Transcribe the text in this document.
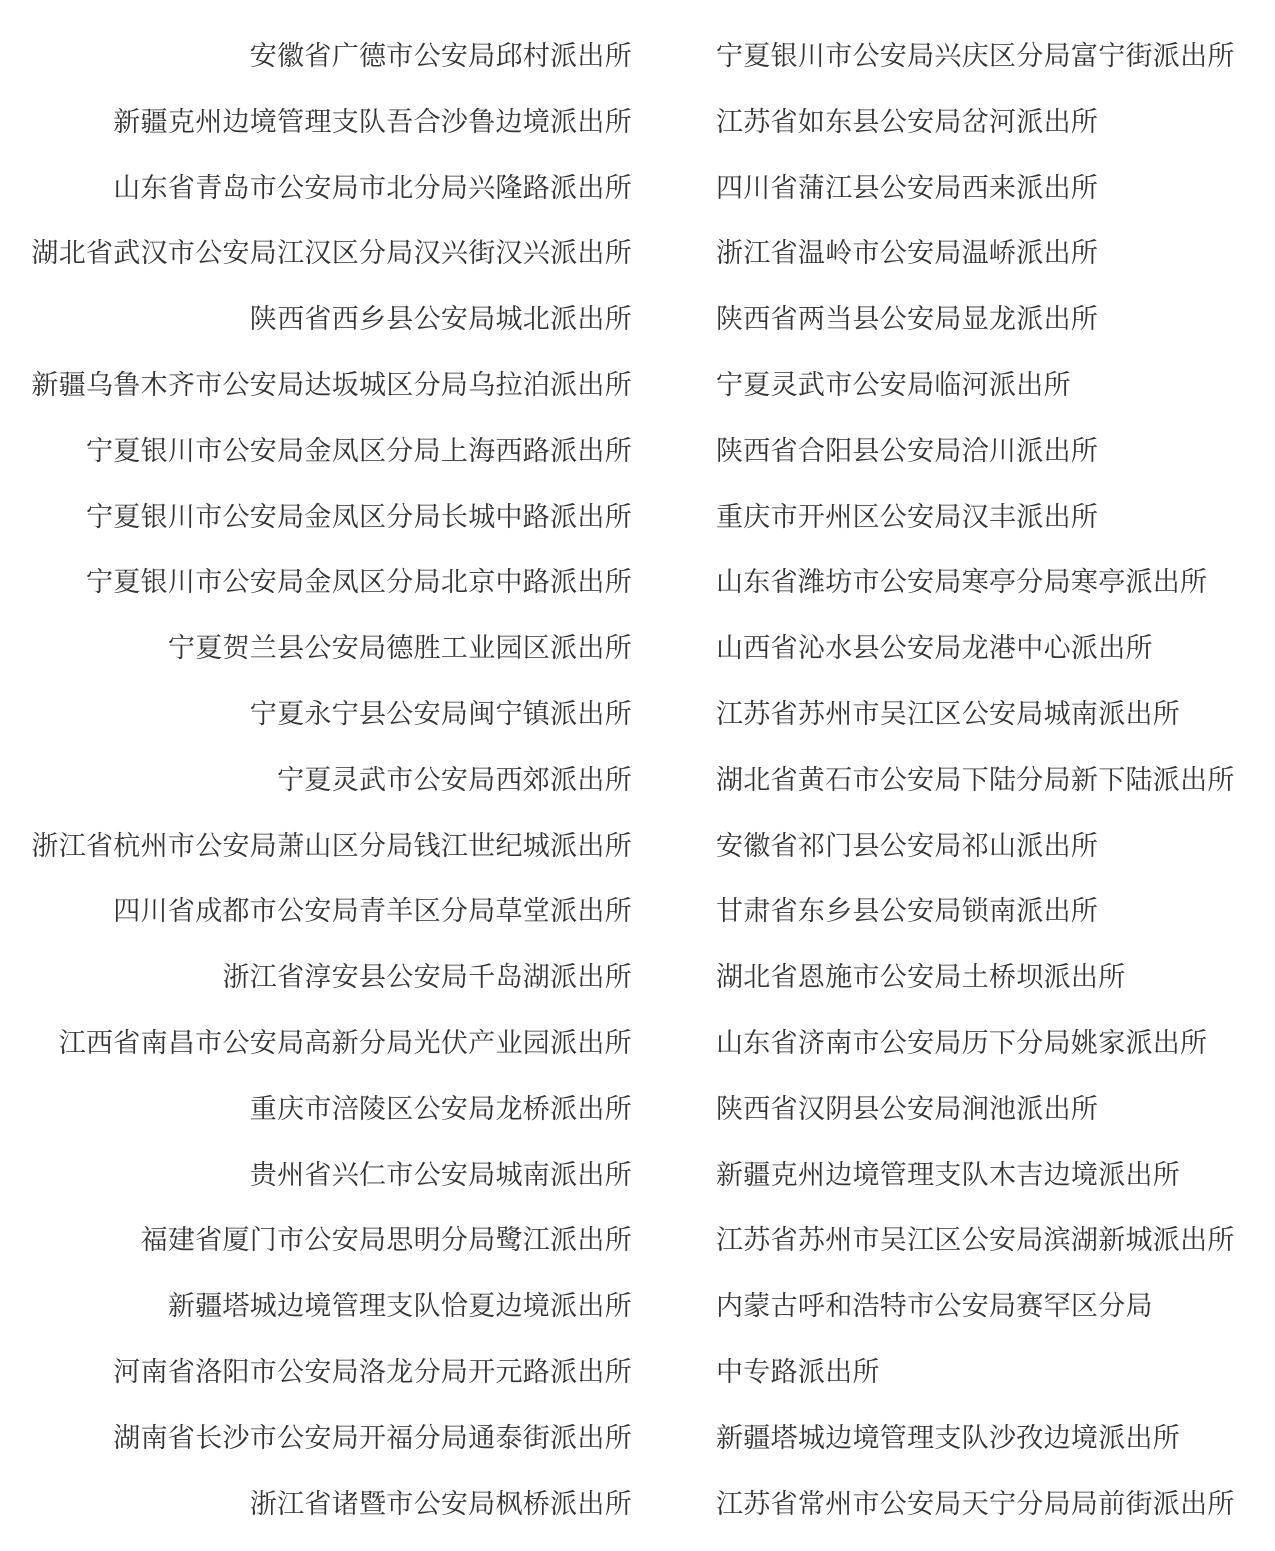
安徽省广德市公安局邱村派出所	宁夏银川市公安局兴庆区分局富宁街派出所
新疆克州边境管理支队吾合沙鲁边境派出所	江苏省如东县公安局岔河派出所
山东省青岛市公安局市北分局兴隆路派出所	四川省蒲江县公安局西来派出所
湖北省武汉市公安局江汉区分局汉兴街汉兴派出所	浙江省温岭市公安局温峤派出所
陕西省西乡县公安局城北派出所	陕西省两当县公安局显龙派出所
新疆乌鲁木齐市公安局达坂城区分局乌拉泊派出所	宁夏灵武市公安局临河派出所
宁夏银川市公安局金凤区分局上海西路派出所	陕西省合阳县公安局洽川派出所
宁夏银川市公安局金凤区分局长城中路派出所	重庆市开州区公安局汉丰派出所
宁夏银川市公安局金凤区分局北京中路派出所	山东省潍坊市公安局寒亭分局寒亭派出所
宁夏贺兰县公安局德胜工业园区派出所	山西省沁水县公安局龙港中心派出所
宁夏永宁县公安局闽宁镇派出所	江苏省苏州市吴江区公安局城南派出所
宁夏灵武市公安局西郊派出所	湖北省黄石市公安局下陆分局新下陆派出所
浙江省杭州市公安局萧山区分局钱江世纪城派出所	安徽省祁门县公安局祁山派出所
四川省成都市公安局青羊区分局草堂派出所	甘肃省东乡县公安局锁南派出所
浙江省淳安县公安局千岛湖派出所	湖北省恩施市公安局土桥坝派出所
江西省南昌市公安局高新分局光伏产业园派出所	山东省济南市公安局历下分局姚家派出所
重庆市涪陵区公安局龙桥派出所	陕西省汉阴县公安局涧池派出所
贵州省兴仁市公安局城南派出所	新疆克州边境管理支队木吉边境派出所
福建省厦门市公安局思明分局鹭江派出所	江苏省苏州市吴江区公安局滨湖新城派出所
新疆塔城边境管理支队恰夏边境派出所	内蒙古呼和浩特市公安局赛罕区分局
河南省洛阳市公安局洛龙分局开元路派出所	中专路派出所
湖南省长沙市公安局开福分局通泰街派出所	新疆塔城边境管理支队沙孜边境派出所
浙江省诸暨市公安局枫桥派出所	江苏省常州市公安局天宁分局局前街派出所
